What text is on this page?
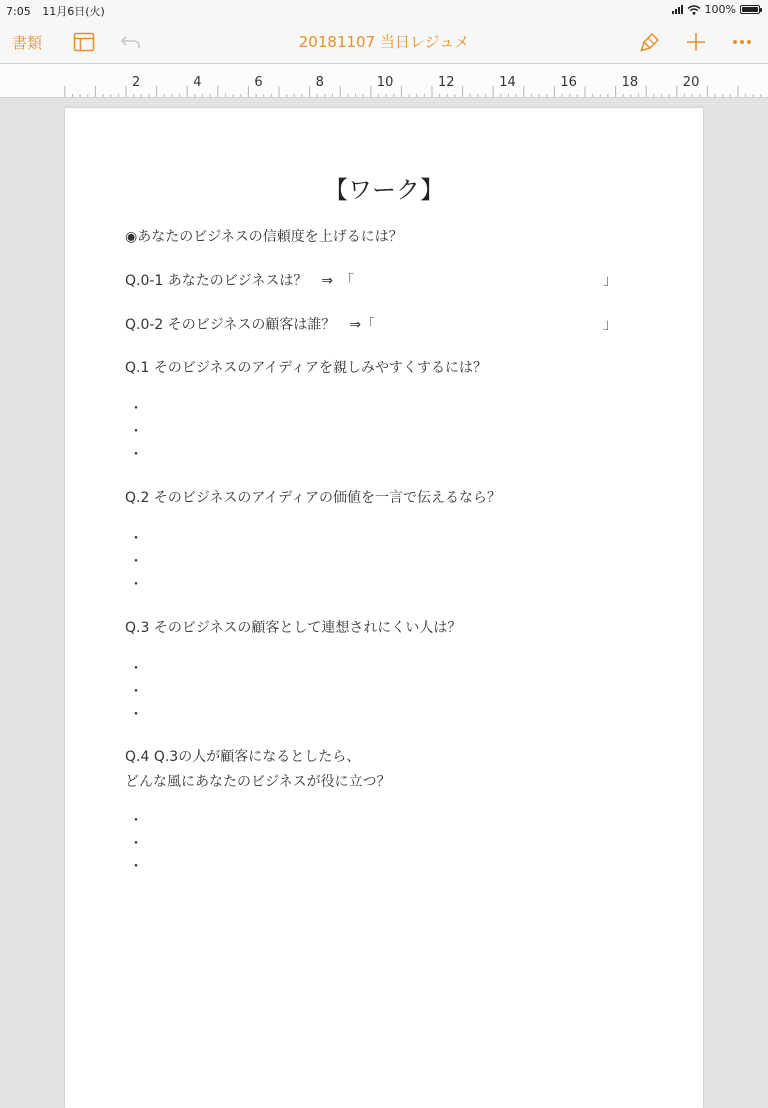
7:05 11月6日(火)	100%
書類	20181107 当日レジュメ
2	4	6	8	10	12	14	16	18	20
【ワーク】
◉あなたのビジネスの信頼度を上げるには？
Q.0-1 あなたのビジネスは？　⇒　「	」
Q.0-2 そのビジネスの顧客は誰？　⇒「	」
Q.1 そのビジネスのアイディアを親しみやすくするには？
・
・
・
Q.2 そのビジネスのアイディアの価値を一言で伝えるなら？
・
・
・
Q.3 そのビジネスの顧客として連想されにくい人は？
・
・
・
Q.4 Q.3の人が顧客になるとしたら、
どんな風にあなたのビジネスが役に立つ？
・
・
・
